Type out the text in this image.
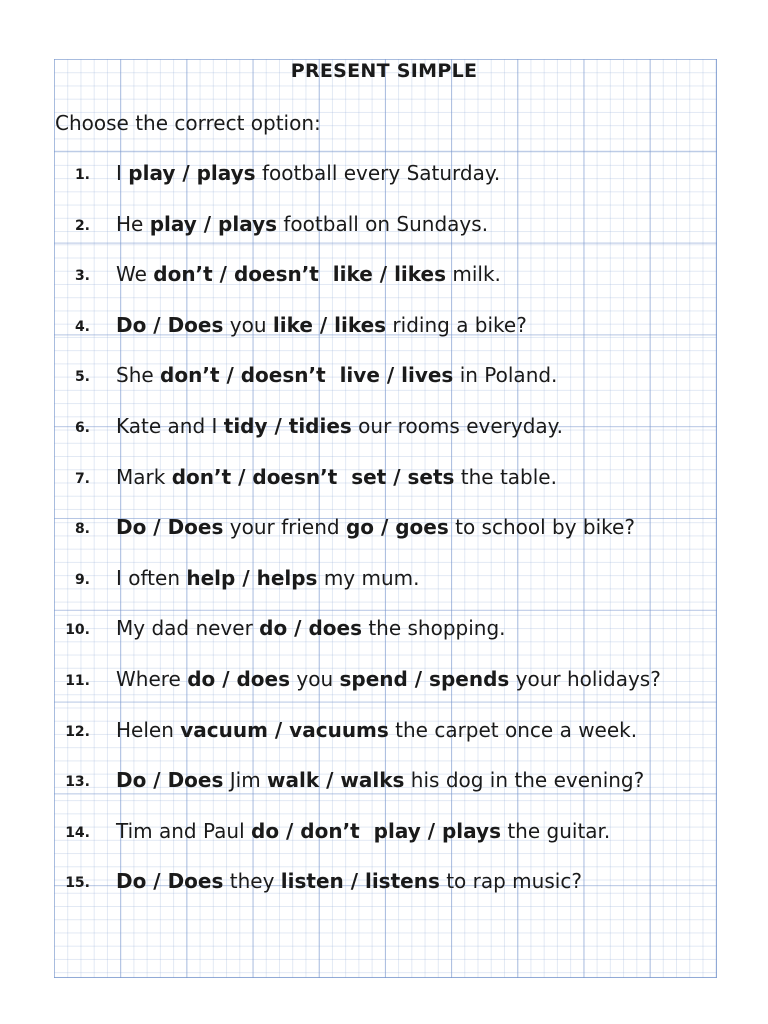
PRESENT SIMPLE
Choose the correct option:
1. I play / plays football every Saturday.
2. He play / plays football on Sundays.
3. We don’t / doesn’t  like / likes milk.
4. Do / Does you like / likes riding a bike?
5. She don’t / doesn’t  live / lives in Poland.
6. Kate and I tidy / tidies our rooms everyday.
7. Mark don’t / doesn’t  set / sets the table.
8. Do / Does your friend go / goes to school by bike?
9. I often help / helps my mum.
10. My dad never do / does the shopping.
11. Where do / does you spend / spends your holidays?
12. Helen vacuum / vacuums the carpet once a week.
13. Do / Does Jim walk / walks his dog in the evening?
14. Tim and Paul do / don’t  play / plays the guitar.
15. Do / Does they listen / listens to rap music?
